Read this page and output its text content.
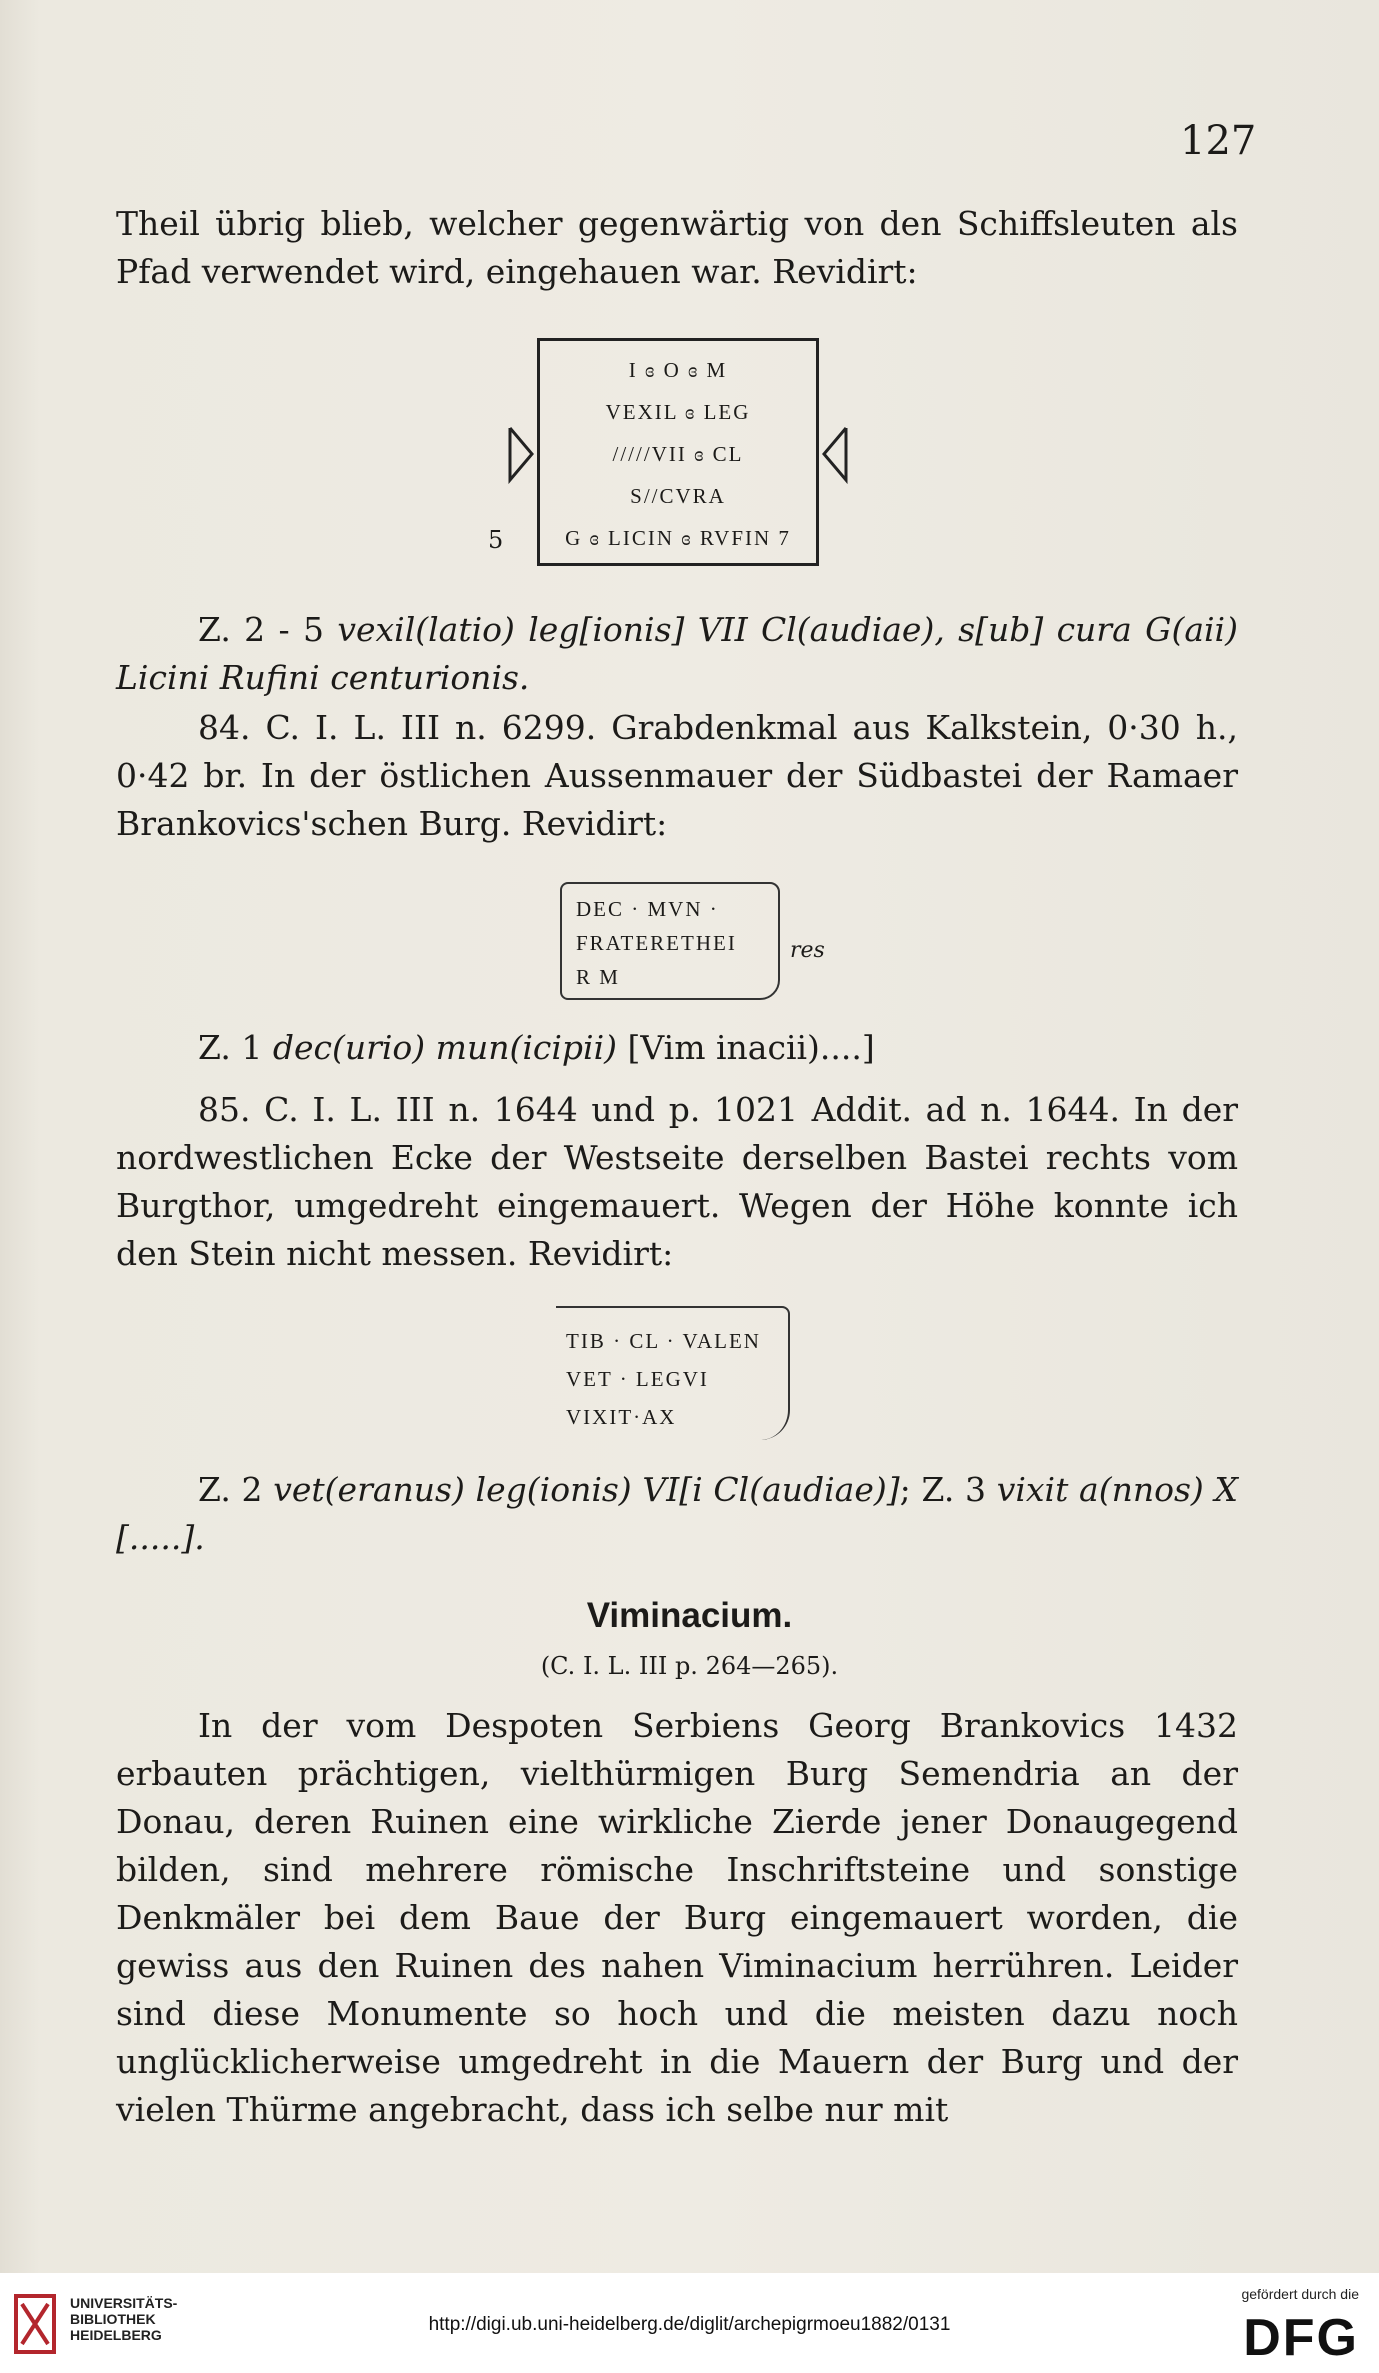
127

Theil übrig blieb, welcher gegenwärtig von den Schiffsleuten als Pfad verwendet wird, eingehauen war. Revidirt:

I ɞ O ɞ M
VEXIL ɞ LEG
/////VII ɞ CL
S//CVRA
G ɞ LICIN ɞ RVFIN 7
5

Z. 2 - 5 vexil(latio) leg[ionis] VII Cl(audiae), s[ub] cura G(aii) Licini Rufini centurionis.

84. C. I. L. III n. 6299. Grabdenkmal aus Kalkstein, 0·30 h., 0·42 br. In der östlichen Aussenmauer der Südbastei der Ramaer Brankovics'schen Burg. Revidirt:

DEC · MVN ·
FRATERETHEI
R M
res

Z. 1 dec(urio) mun(icipii) [Vim inacii)....]

85. C. I. L. III n. 1644 und p. 1021 Addit. ad n. 1644. In der nordwestlichen Ecke der Westseite derselben Bastei rechts vom Burgthor, umgedreht eingemauert. Wegen der Höhe konnte ich den Stein nicht messen. Revidirt:

TIB · CL · VALEN
VET · LEGVI
VIXIT·AX

Z. 2 vet(eranus) leg(ionis) VI[i Cl(audiae)]; Z. 3 vixit a(nnos) X [.....].

Viminacium.
(C. I. L. III p. 264—265).

In der vom Despoten Serbiens Georg Brankovics 1432 erbauten prächtigen, vielthürmigen Burg Semendria an der Donau, deren Ruinen eine wirkliche Zierde jener Donaugegend bilden, sind mehrere römische Inschriftsteine und sonstige Denkmäler bei dem Baue der Burg eingemauert worden, die gewiss aus den Ruinen des nahen Viminacium herrühren. Leider sind diese Monumente so hoch und die meisten dazu noch unglücklicherweise umgedreht in die Mauern der Burg und der vielen Thürme angebracht, dass ich selbe nur mit

UNIVERSITÄTS-
BIBLIOTHEK
HEIDELBERG	http://digi.ub.uni-heidelberg.de/diglit/archepigrmoeu1882/0131
gefördert durch die
DFG
